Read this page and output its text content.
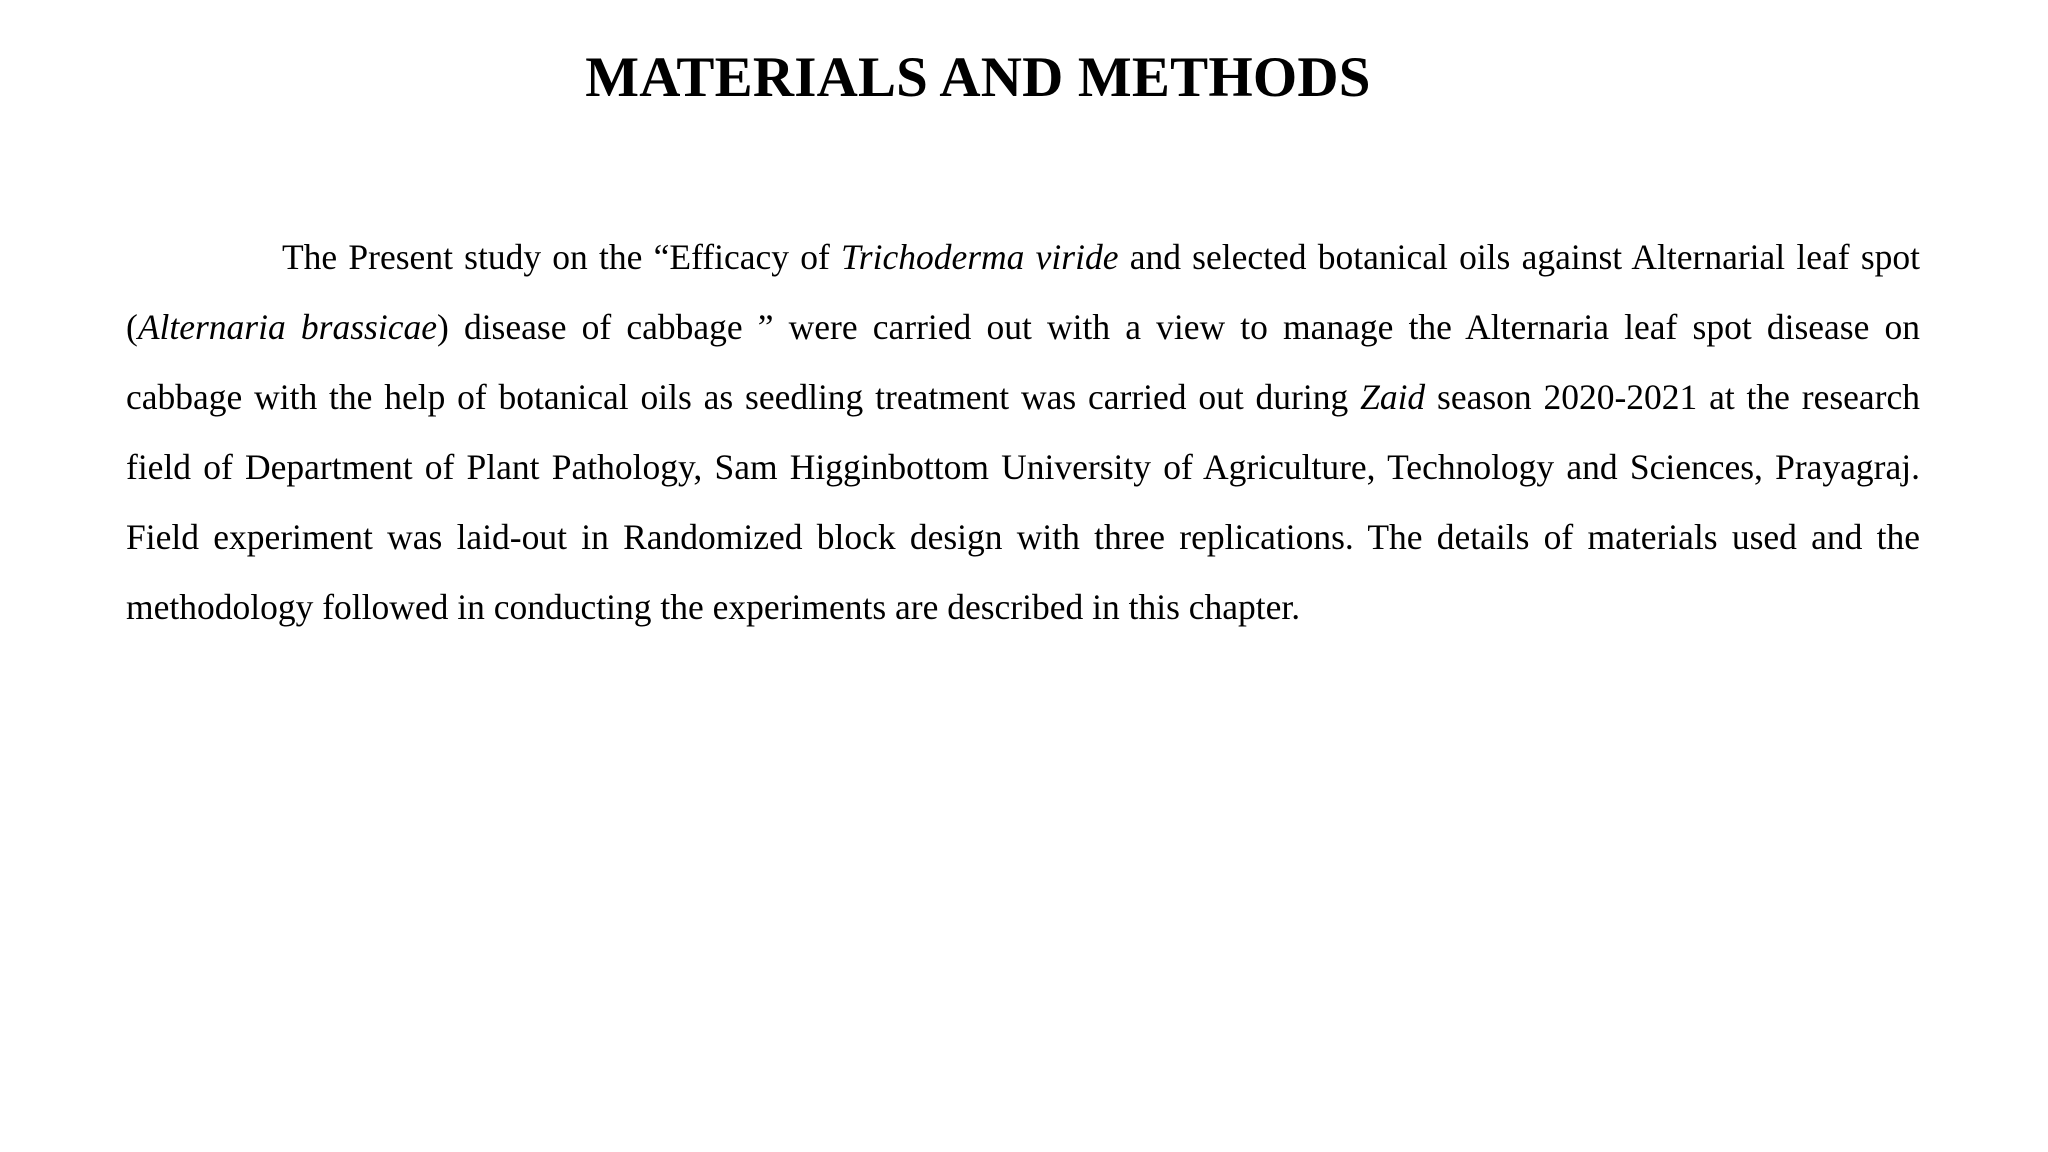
MATERIALS AND METHODS

The Present study on the “Efficacy of Trichoderma viride and selected botanical oils against Alternarial leaf spot (Alternaria brassicae) disease of cabbage ” were carried out with a view to manage the Alternaria leaf spot disease on cabbage with the help of botanical oils as seedling treatment was carried out during Zaid season 2020-2021 at the research field of Department of Plant Pathology, Sam Higginbottom University of Agriculture, Technology and Sciences, Prayagraj. Field experiment was laid-out in Randomized block design with three replications. The details of materials used and the methodology followed in conducting the experiments are described in this chapter.
